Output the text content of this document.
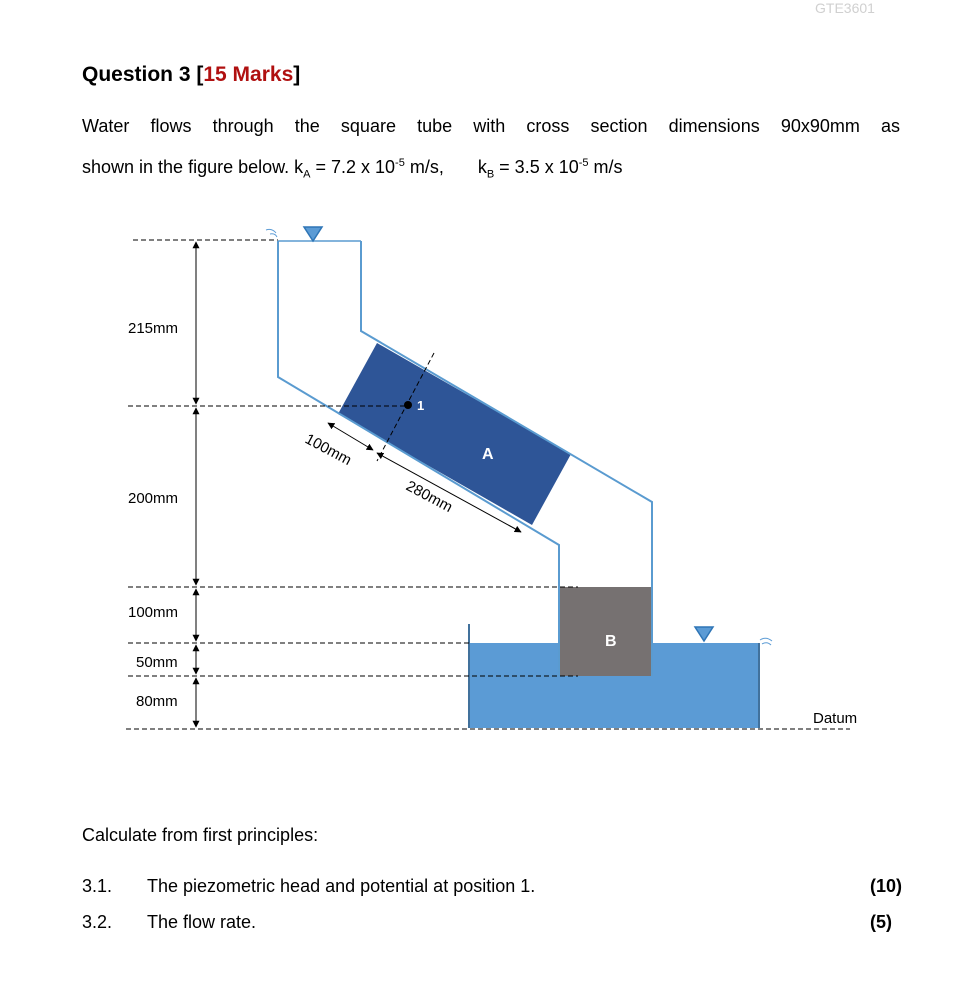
GTE3601
Question 3 [15 Marks]
Water flows through the square tube with cross section dimensions 90x90mm as
shown in the figure below. $k_A = 7.2$ x $10^{-5}$ m/s, $k_B = 3.5$ x $10^{-5}$ m/s
215mm
200mm
100mm
50mm
80mm
100mm
280mm
1
A
B
Datum
Calculate from first principles:
3.1. The piezometric head and potential at position 1.	(10)
3.2. The flow rate.	(5)
